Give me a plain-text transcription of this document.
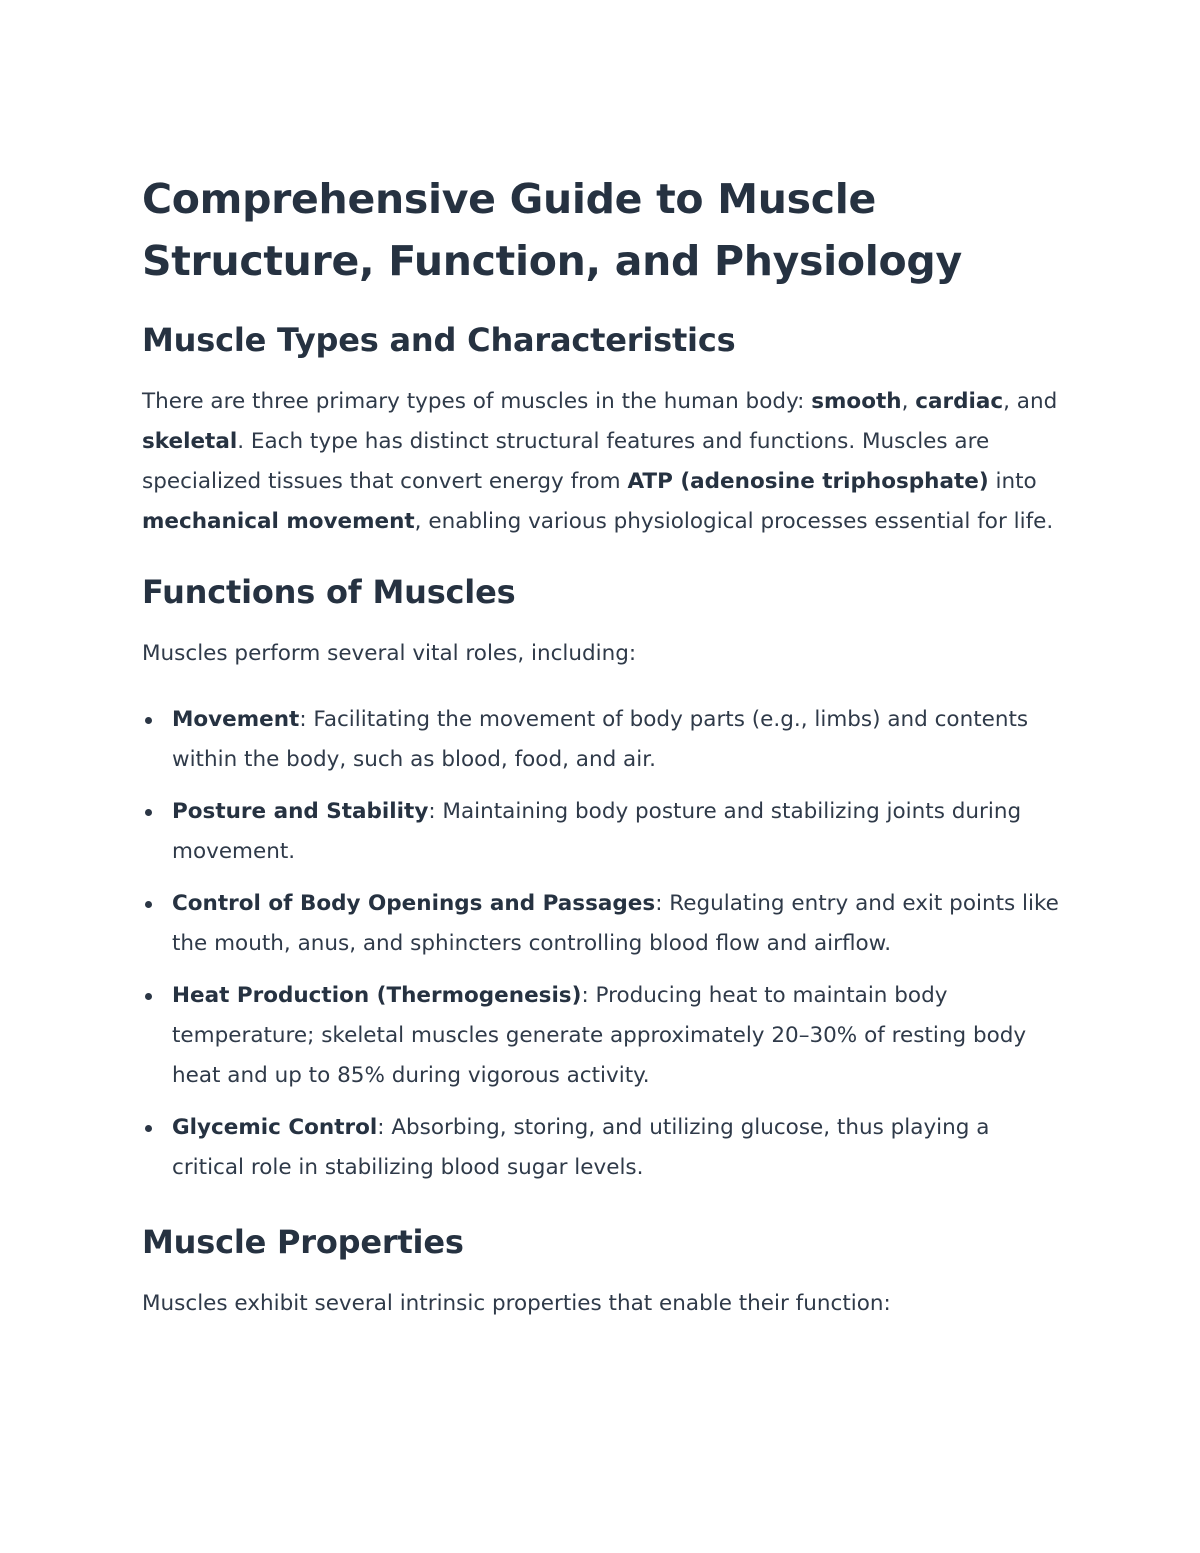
Comprehensive Guide to Muscle Structure, Function, and Physiology
Muscle Types and Characteristics

There are three primary types of muscles in the human body: smooth, cardiac, and skeletal. Each type has distinct structural features and functions. Muscles are specialized tissues that convert energy from ATP (adenosine triphosphate) into mechanical movement, enabling various physiological processes essential for life.

Functions of Muscles

Muscles perform several vital roles, including:

Movement: Facilitating the movement of body parts (e.g., limbs) and contents within the body, such as blood, food, and air.
Posture and Stability: Maintaining body posture and stabilizing joints during movement.
Control of Body Openings and Passages: Regulating entry and exit points like the mouth, anus, and sphincters controlling blood flow and airflow.
Heat Production (Thermogenesis): Producing heat to maintain body temperature; skeletal muscles generate approximately 20–30% of resting body heat and up to 85% during vigorous activity.
Glycemic Control: Absorbing, storing, and utilizing glucose, thus playing a critical role in stabilizing blood sugar levels.
Muscle Properties

Muscles exhibit several intrinsic properties that enable their function:
